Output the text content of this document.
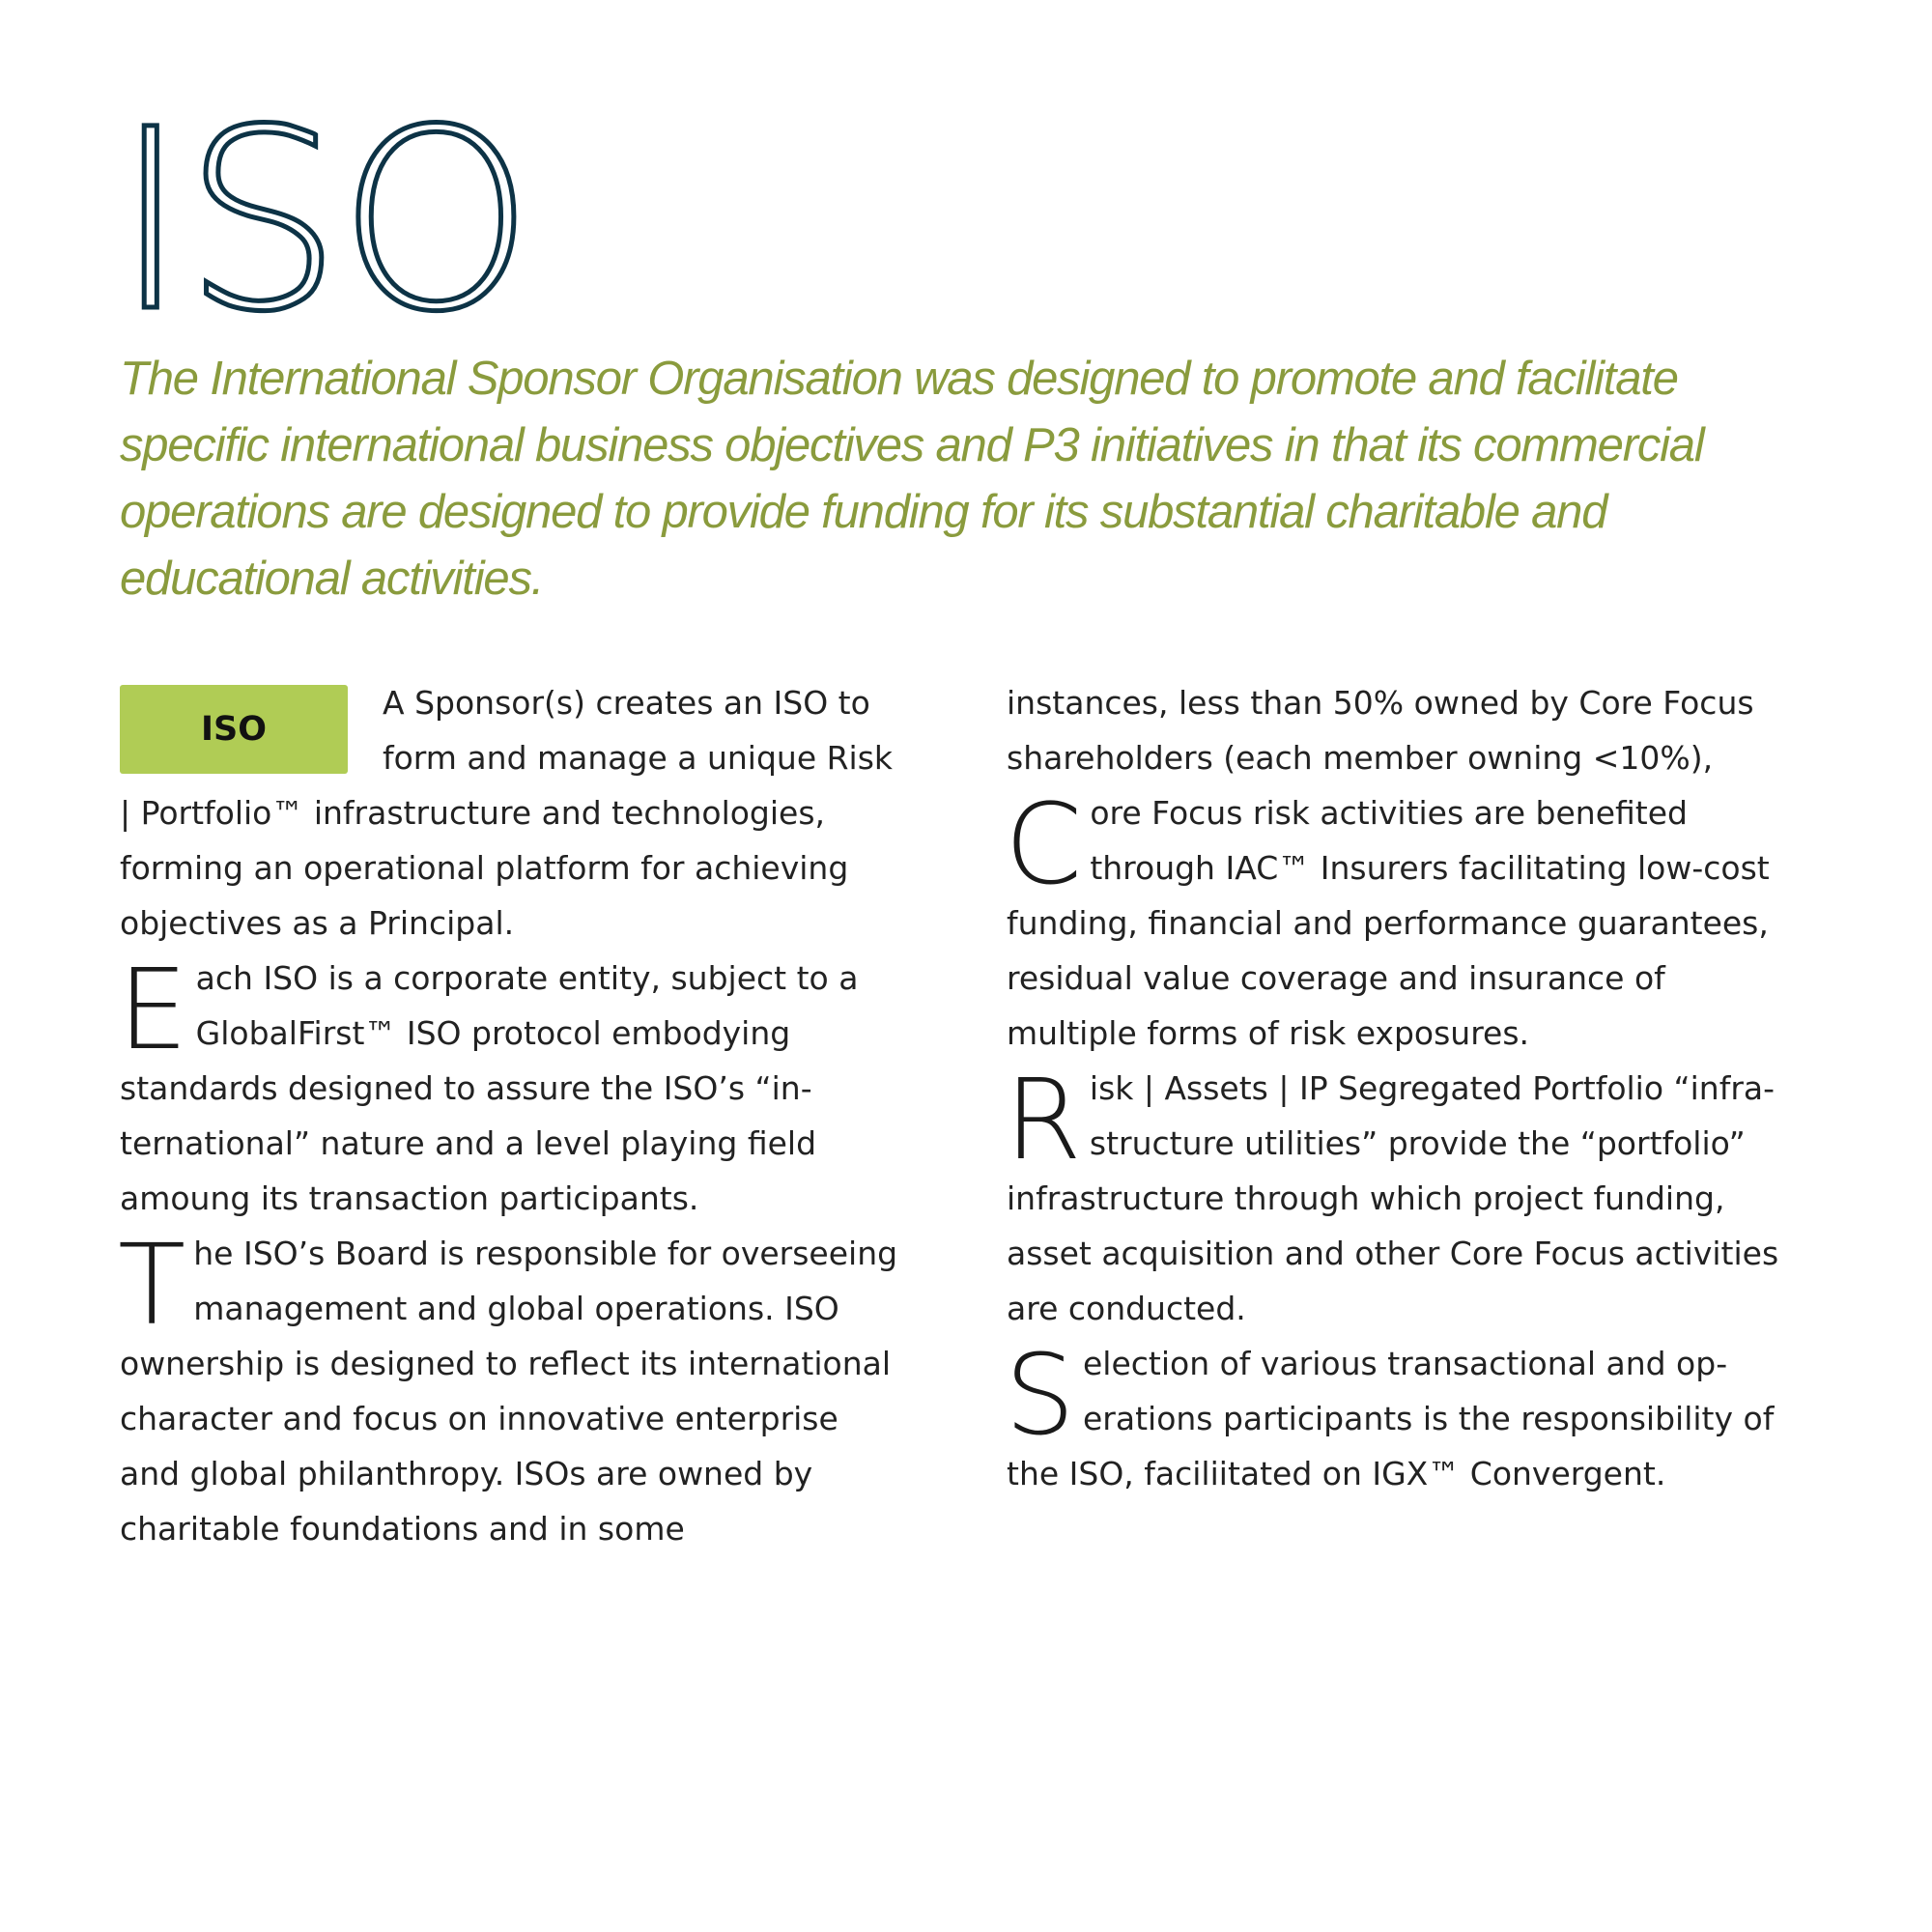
ISO

The International Sponsor Organisation was designed to promote and facilitate specific international business objectives and P3 initiatives in that its commercial operations are designed to provide funding for its substantial charitable and educational activities.

ISO
A Sponsor(s) creates an ISO to form and manage a unique Risk | Portfolio™ infrastructure and technologies, forming an operational platform for achieving objectives as a Principal.

E ach ISO is a corporate entity, subject to a GlobalFirst™ ISO protocol embodying standards designed to assure the ISO’s “international” nature and a level playing field amoung its transaction participants.

T he ISO’s Board is responsible for overseeing management and global operations. ISO ownership is designed to reflect its international character and focus on innovative enterprise and global philanthropy. ISOs are owned by charitable foundations and in some

instances, less than 50% owned by Core Focus shareholders (each member owning <10%),

C ore Focus risk activities are benefited through IAC™ Insurers facilitating low-cost funding, financial and performance guarantees, residual value coverage and insurance of multiple forms of risk exposures.

R isk | Assets | IP Segregated Portfolio “infrastructure utilities” provide the “portfolio” infrastructure through which project funding, asset acquisition and other Core Focus activities are conducted.

S election of various transactional and operations participants is the responsibility of the ISO, faciliitated on IGX™ Convergent.
